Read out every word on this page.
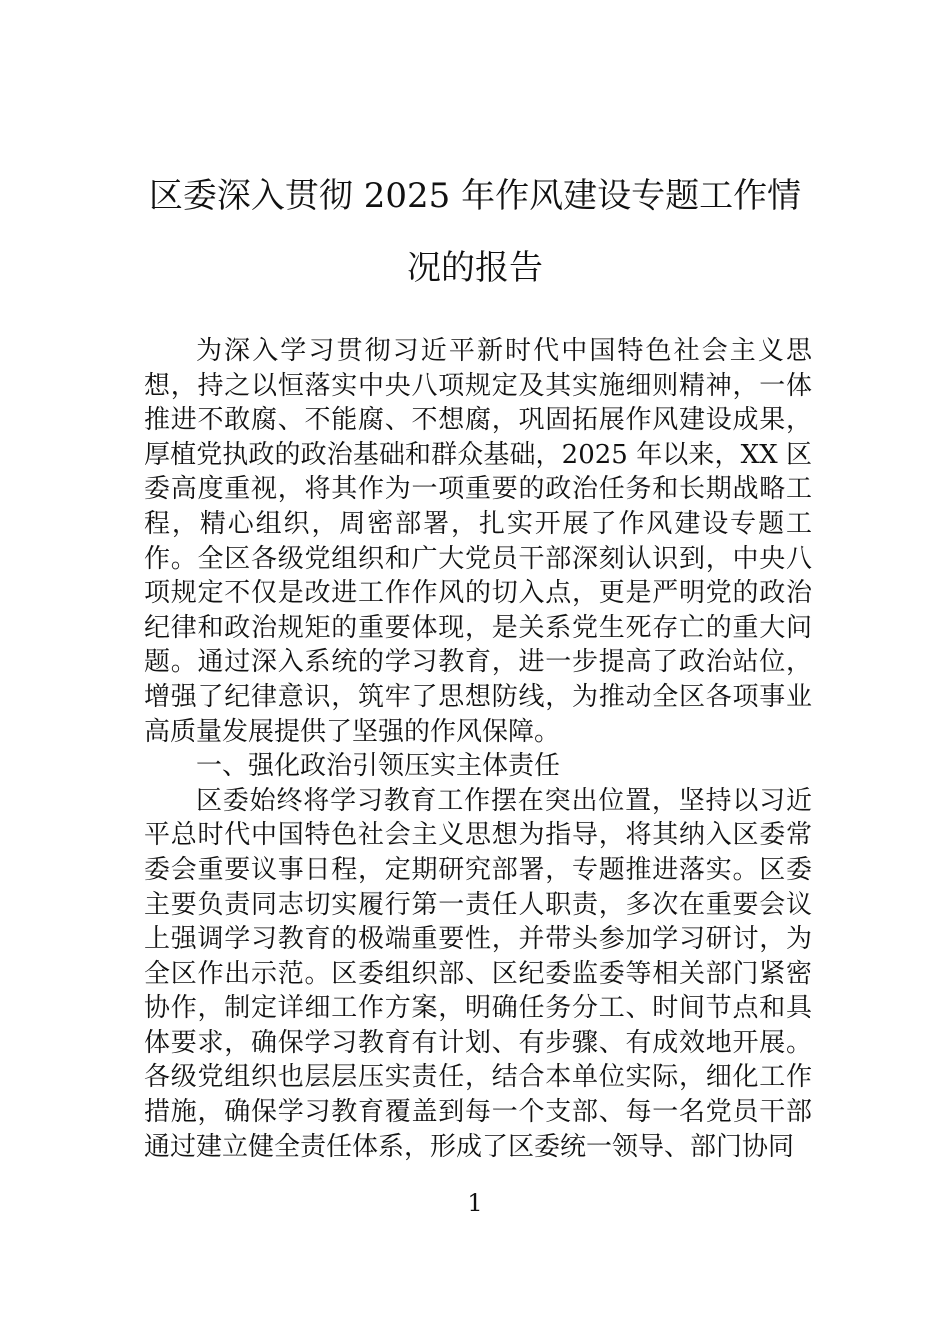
区委深入贯彻 2025 年作风建设专题工作情
况的报告

为深入学习贯彻习近平新时代中国特色社会主义思想，持之以恒落实中央八项规定及其实施细则精神，一体推进不敢腐、不能腐、不想腐，巩固拓展作风建设成果，厚植党执政的政治基础和群众基础，2025 年以来，XX 区委高度重视，将其作为一项重要的政治任务和长期战略工程，精心组织，周密部署，扎实开展了作风建设专题工作。全区各级党组织和广大党员干部深刻认识到，中央八项规定不仅是改进工作作风的切入点，更是严明党的政治纪律和政治规矩的重要体现，是关系党生死存亡的重大问题。通过深入系统的学习教育，进一步提高了政治站位，增强了纪律意识，筑牢了思想防线，为推动全区各项事业高质量发展提供了坚强的作风保障。

一、强化政治引领压实主体责任

区委始终将学习教育工作摆在突出位置，坚持以习近平总时代中国特色社会主义思想为指导，将其纳入区委常委会重要议事日程，定期研究部署，专题推进落实。区委主要负责同志切实履行第一责任人职责，多次在重要会议上强调学习教育的极端重要性，并带头参加学习研讨，为全区作出示范。区委组织部、区纪委监委等相关部门紧密协作，制定详细工作方案，明确任务分工、时间节点和具体要求，确保学习教育有计划、有步骤、有成效地开展。各级党组织也层层压实责任，结合本单位实际，细化工作措施，确保学习教育覆盖到每一个支部、每一名党员干部通过建立健全责任体系，形成了区委统一领导、部门协同

1
